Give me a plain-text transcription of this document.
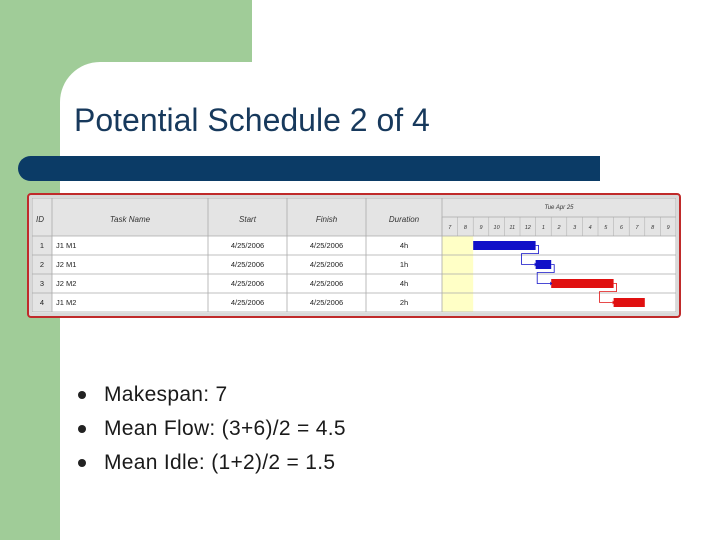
Potential Schedule 2 of 4
ID	Task Name	Start	Finish	Duration
Tue Apr 25
7 8 9 10 11 12 1 2 3 4 5 6 7 8 9
1 J1 M1	4/25/2006	4/25/2006	4h
2 J2 M1	4/25/2006	4/25/2006	1h
3 J2 M2	4/25/2006	4/25/2006	4h
4 J1 M2	4/25/2006	4/25/2006	2h
Makespan: 7
Mean Flow: (3+6)/2 = 4.5
Mean Idle: (1+2)/2 = 1.5
